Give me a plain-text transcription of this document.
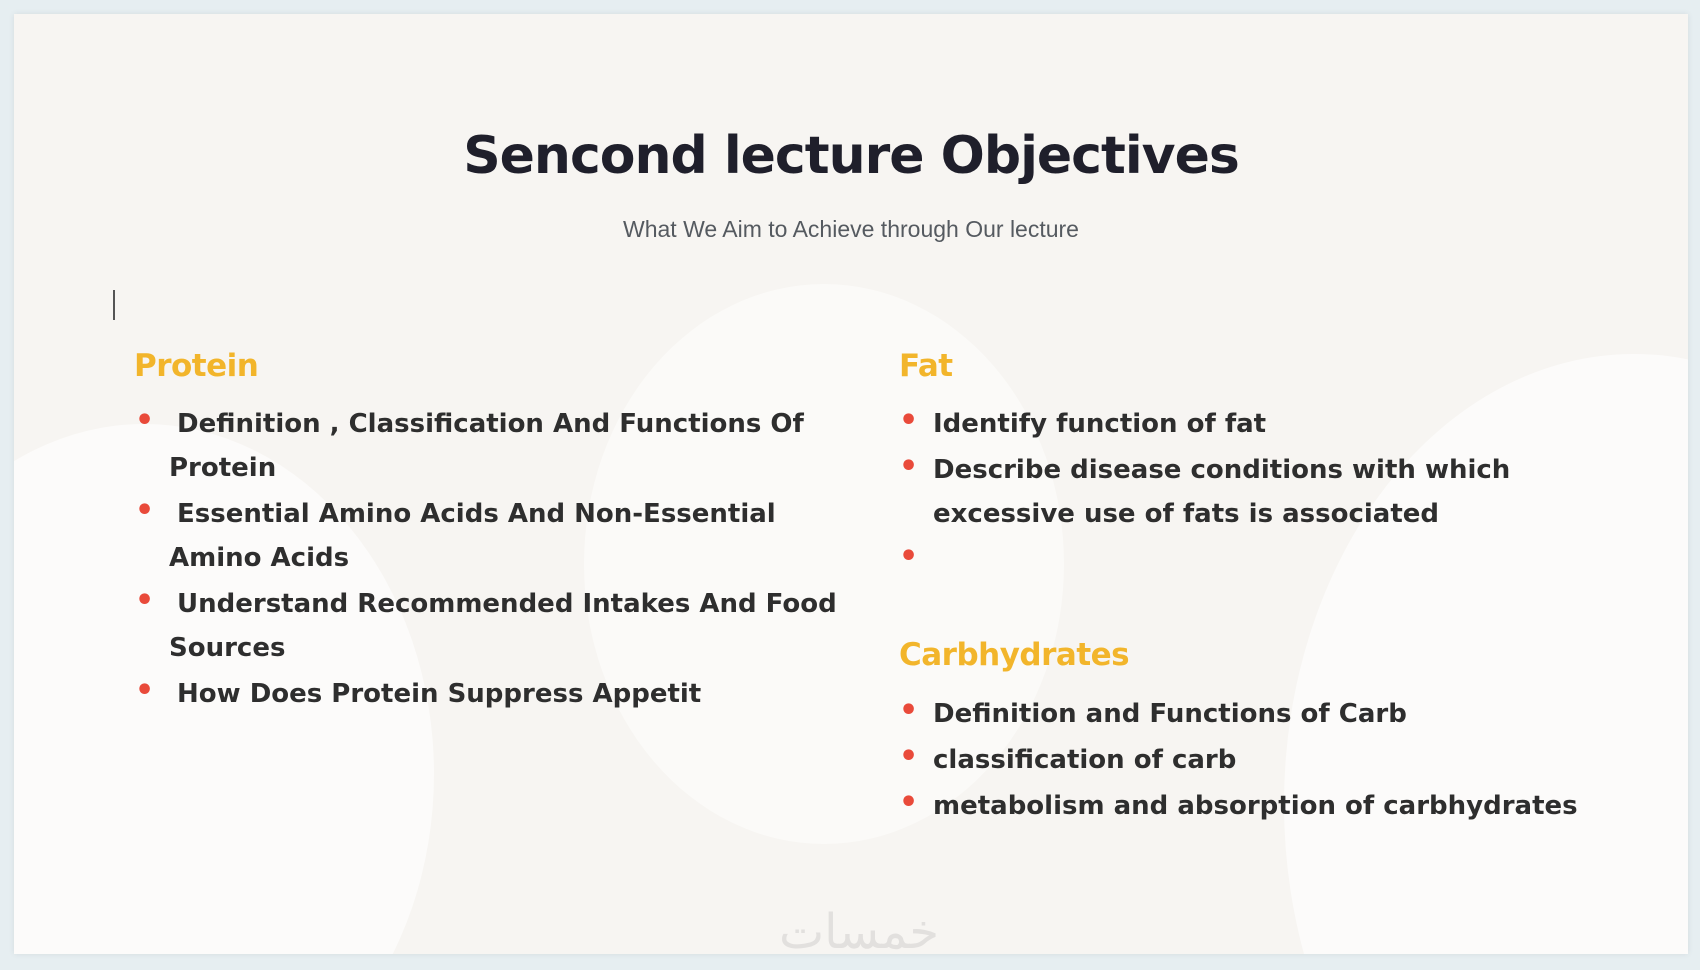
Sencond lecture Objectives
What We Aim to Achieve through Our lecture
Protein
• Definition , Classification And Functions Of Protein
• Essential Amino Acids And Non-Essential Amino Acids
• Understand Recommended Intakes And Food Sources
• How Does Protein Suppress Appetit
Fat
• Identify function of fat
• Describe disease conditions with which excessive use of fats is associated
•
Carbhydrates
• Definition and Functions of Carb
• classification of carb
• metabolism and absorption of carbhydrates
خمسات
